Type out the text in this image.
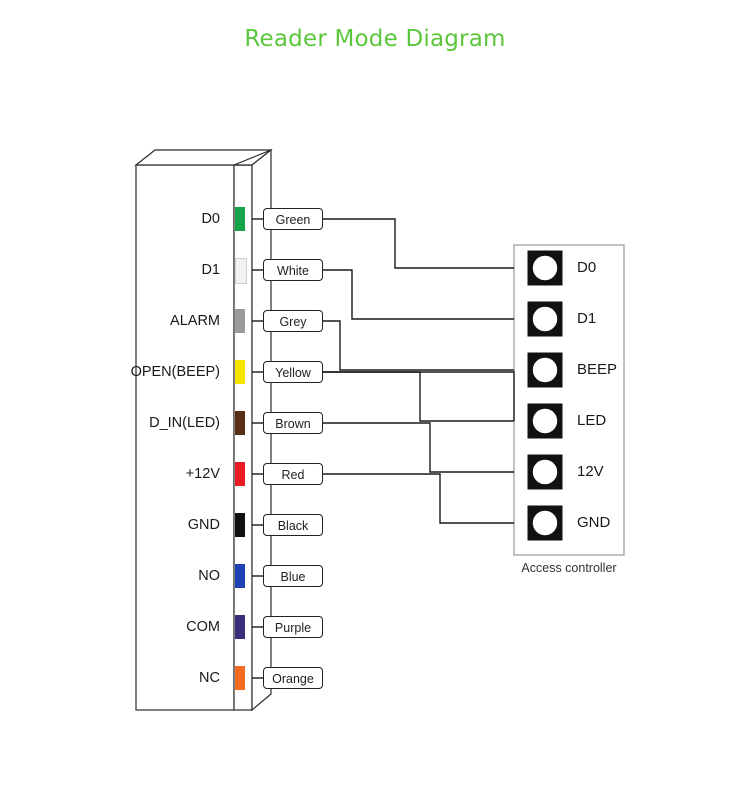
Reader Mode Diagram
D0
D1
ALARM
OPEN(BEEP)
D_IN(LED)
+12V
GND
NO
COM
NC
Green
White
Grey
Yellow
Brown
Red
Black
Blue
Purple
Orange
D0
D1
BEEP
LED
12V
GND
Access controller
